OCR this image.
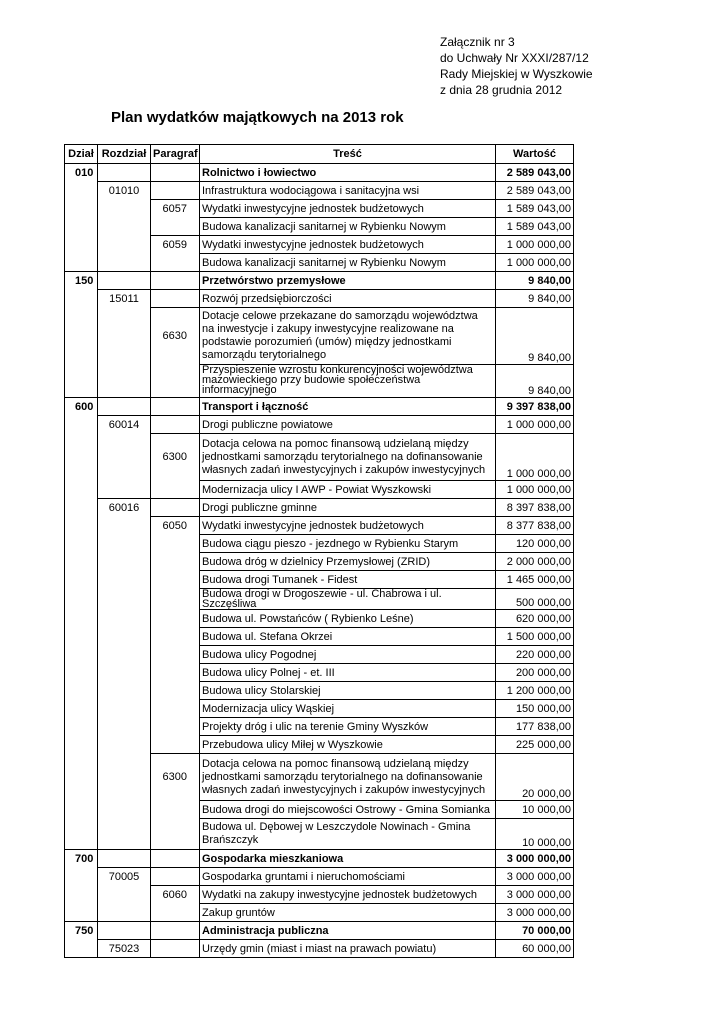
Załącznik nr 3
do Uchwały Nr XXXI/287/12
Rady Miejskiej w Wyszkowie
z dnia 28 grudnia 2012
Plan wydatków majątkowych na 2013 rok
Dział	Rozdział	Paragraf	Treść	Wartość
010			Rolnictwo i łowiectwo	2 589 043,00
	01010		Infrastruktura wodociągowa i sanitacyjna wsi	2 589 043,00
		6057	Wydatki inwestycyjne jednostek budżetowych	1 589 043,00
			Budowa kanalizacji sanitarnej w Rybienku Nowym	1 589 043,00
		6059	Wydatki inwestycyjne jednostek budżetowych	1 000 000,00
			Budowa kanalizacji sanitarnej w Rybienku Nowym	1 000 000,00
150			Przetwórstwo przemysłowe	9 840,00
	15011		Rozwój przedsiębiorczości	9 840,00
		6630	Dotacje celowe przekazane do samorządu województwa na inwestycje i zakupy inwestycyjne realizowane na podstawie porozumień (umów) między jednostkami samorządu terytorialnego	9 840,00
			Przyspieszenie wzrostu konkurencyjności województwa mazowieckiego przy budowie społeczeństwa informacyjnego	9 840,00
600			Transport i łączność	9 397 838,00
	60014		Drogi publiczne powiatowe	1 000 000,00
		6300	Dotacja celowa na pomoc finansową udzielaną między jednostkami samorządu terytorialnego na dofinansowanie własnych zadań inwestycyjnych i zakupów inwestycyjnych	1 000 000,00
			Modernizacja ulicy I AWP - Powiat Wyszkowski	1 000 000,00
	60016		Drogi publiczne gminne	8 397 838,00
		6050	Wydatki inwestycyjne jednostek budżetowych	8 377 838,00
			Budowa ciągu pieszo - jezdnego w Rybienku Starym	120 000,00
			Budowa dróg w dzielnicy Przemysłowej (ZRID)	2 000 000,00
			Budowa drogi Tumanek - Fidest	1 465 000,00
			Budowa drogi w Drogoszewie - ul. Chabrowa i ul. Szczęśliwa	500 000,00
			Budowa ul. Powstańców ( Rybienko Leśne)	620 000,00
			Budowa ul. Stefana Okrzei	1 500 000,00
			Budowa ulicy Pogodnej	220 000,00
			Budowa ulicy Polnej - et. III	200 000,00
			Budowa ulicy Stolarskiej	1 200 000,00
			Modernizacja ulicy Wąskiej	150 000,00
			Projekty dróg i ulic na terenie Gminy Wyszków	177 838,00
			Przebudowa ulicy Miłej w Wyszkowie	225 000,00
		6300	Dotacja celowa na pomoc finansową udzielaną między jednostkami samorządu terytorialnego na dofinansowanie własnych zadań inwestycyjnych i zakupów inwestycyjnych	20 000,00
			Budowa drogi do miejscowości Ostrowy - Gmina Somianka	10 000,00
			Budowa ul. Dębowej w Leszczydole Nowinach - Gmina Brańszczyk	10 000,00
700			Gospodarka mieszkaniowa	3 000 000,00
	70005		Gospodarka gruntami i nieruchomościami	3 000 000,00
		6060	Wydatki na zakupy inwestycyjne jednostek budżetowych	3 000 000,00
			Zakup gruntów	3 000 000,00
750			Administracja publiczna	70 000,00
	75023		Urzędy gmin (miast i miast na prawach powiatu)	60 000,00
